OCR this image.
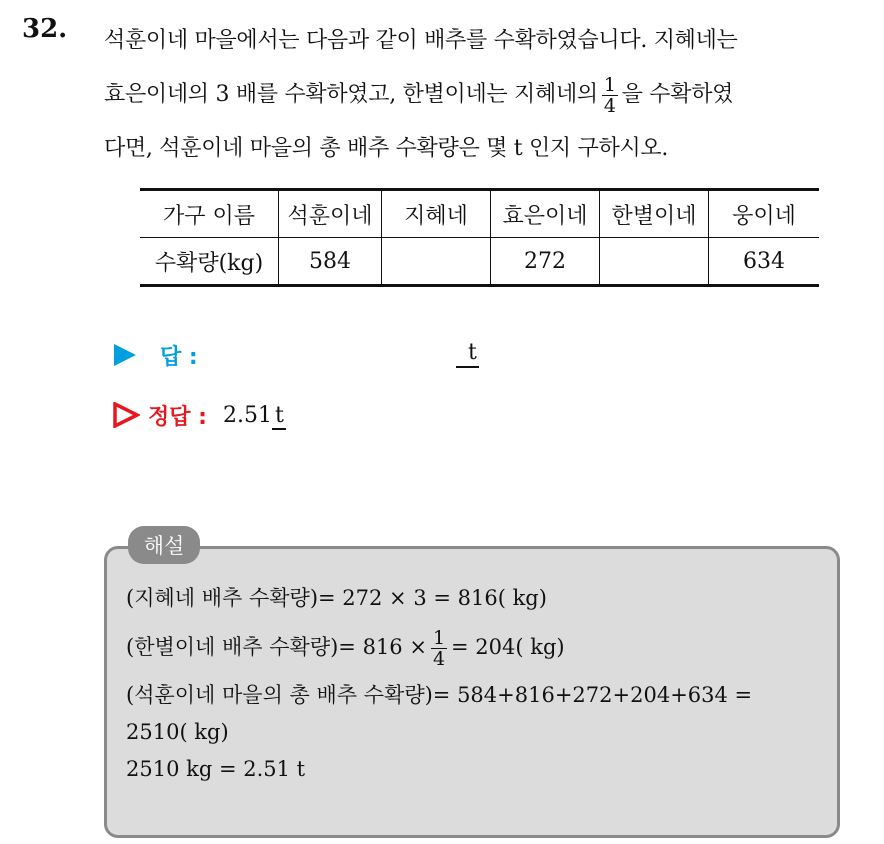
32. 석훈이네 마을에서는 다음과 같이 배추를 수확하였습니다. 지혜네는
효은이네의 3 배를 수확하였고, 한별이네는 지혜네의 $\frac{1}{4}$ 을 수확하였
다면, 석훈이네 마을의 총 배추 수확량은 몇 t 인지 구하시오.
가구 이름	석훈이네	지혜네	효은이네	한별이네	웅이네
수확량(kg)	584		272		634
답 :	t
정답 : 2.51 t
해설
(지혜네 배추 수확량)= 272 × 3 = 816( kg)
(한별이네 배추 수확량)= $816 \times \frac{1}{4} = 204$( kg)
(석훈이네 마을의 총 배추 수확량)= 584+816+272+204+634 =
2510( kg)
2510 kg = 2.51 t
